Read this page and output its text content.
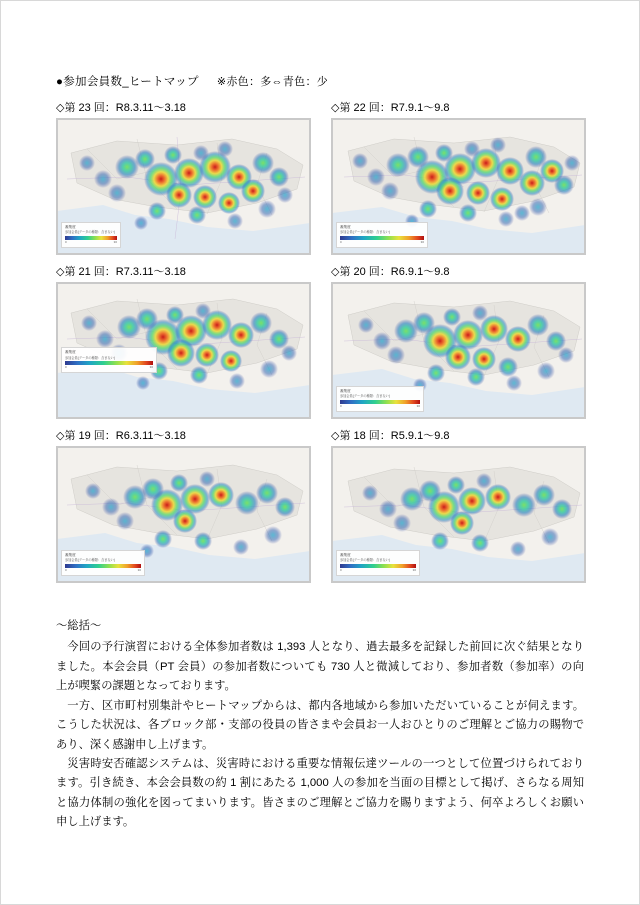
●参加会員数_ヒートマップ ※赤色：多⇔青色：少
◇第 23 回：R8.3.11〜3.18
凝集度
参加会員(データの種類：含まない)
0	30
◇第 22 回：R7.9.1〜9.8
凝集度
参加会員(データの種類：含まない)
0	30
◇第 21 回：R7.3.11〜3.18
凝集度
参加会員(データの種類：含まない)
0	30
◇第 20 回：R6.9.1〜9.8
凝集度
参加会員(データの種類：含まない)
0	30
◇第 19 回：R6.3.11〜3.18
凝集度
参加会員(データの種類：含まない)
0	30
◇第 18 回：R5.9.1〜9.8
凝集度
参加会員(データの種類：含まない)
0	30
～総括～

今回の予行演習における全体参加者数は 1,393 人となり、過去最多を記録した前回に次ぐ結果となりました。本会会員（PT 会員）の参加者数についても 730 人と微減しており、参加者数（参加率）の向上が喫緊の課題となっております。

一方、区市町村別集計やヒートマップからは、都内各地域から参加いただいていることが伺えます。こうした状況は、各ブロック部・支部の役員の皆さまや会員お一人おひとりのご理解とご協力の賜物であり、深く感謝申し上げます。

災害時安否確認システムは、災害時における重要な情報伝達ツールの一つとして位置づけられております。引き続き、本会会員数の約 1 割にあたる 1,000 人の参加を当面の目標として掲げ、さらなる周知と協力体制の強化を図ってまいります。皆さまのご理解とご協力を賜りますよう、何卒よろしくお願い申し上げます。
